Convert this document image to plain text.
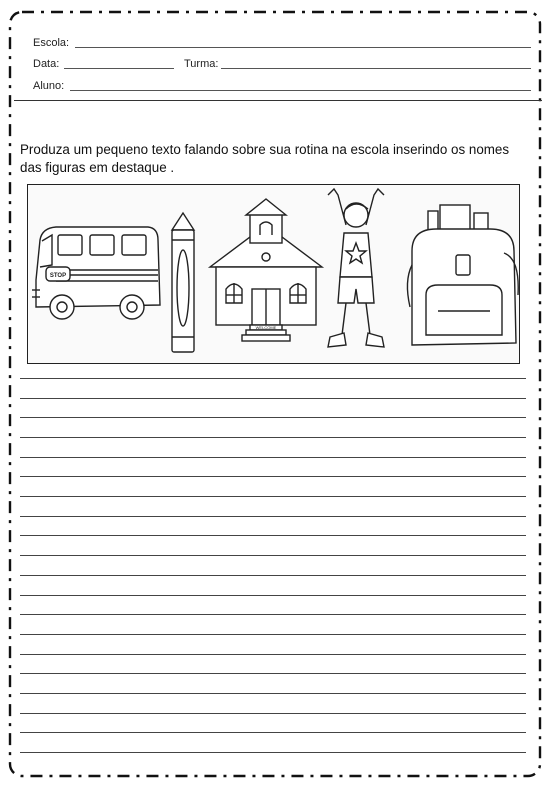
Escola:
Data:	Turma:
Aluno:
Produza um pequeno texto falando sobre sua rotina na escola inserindo os nomes das figuras em destaque .
STOP
WELCOME
